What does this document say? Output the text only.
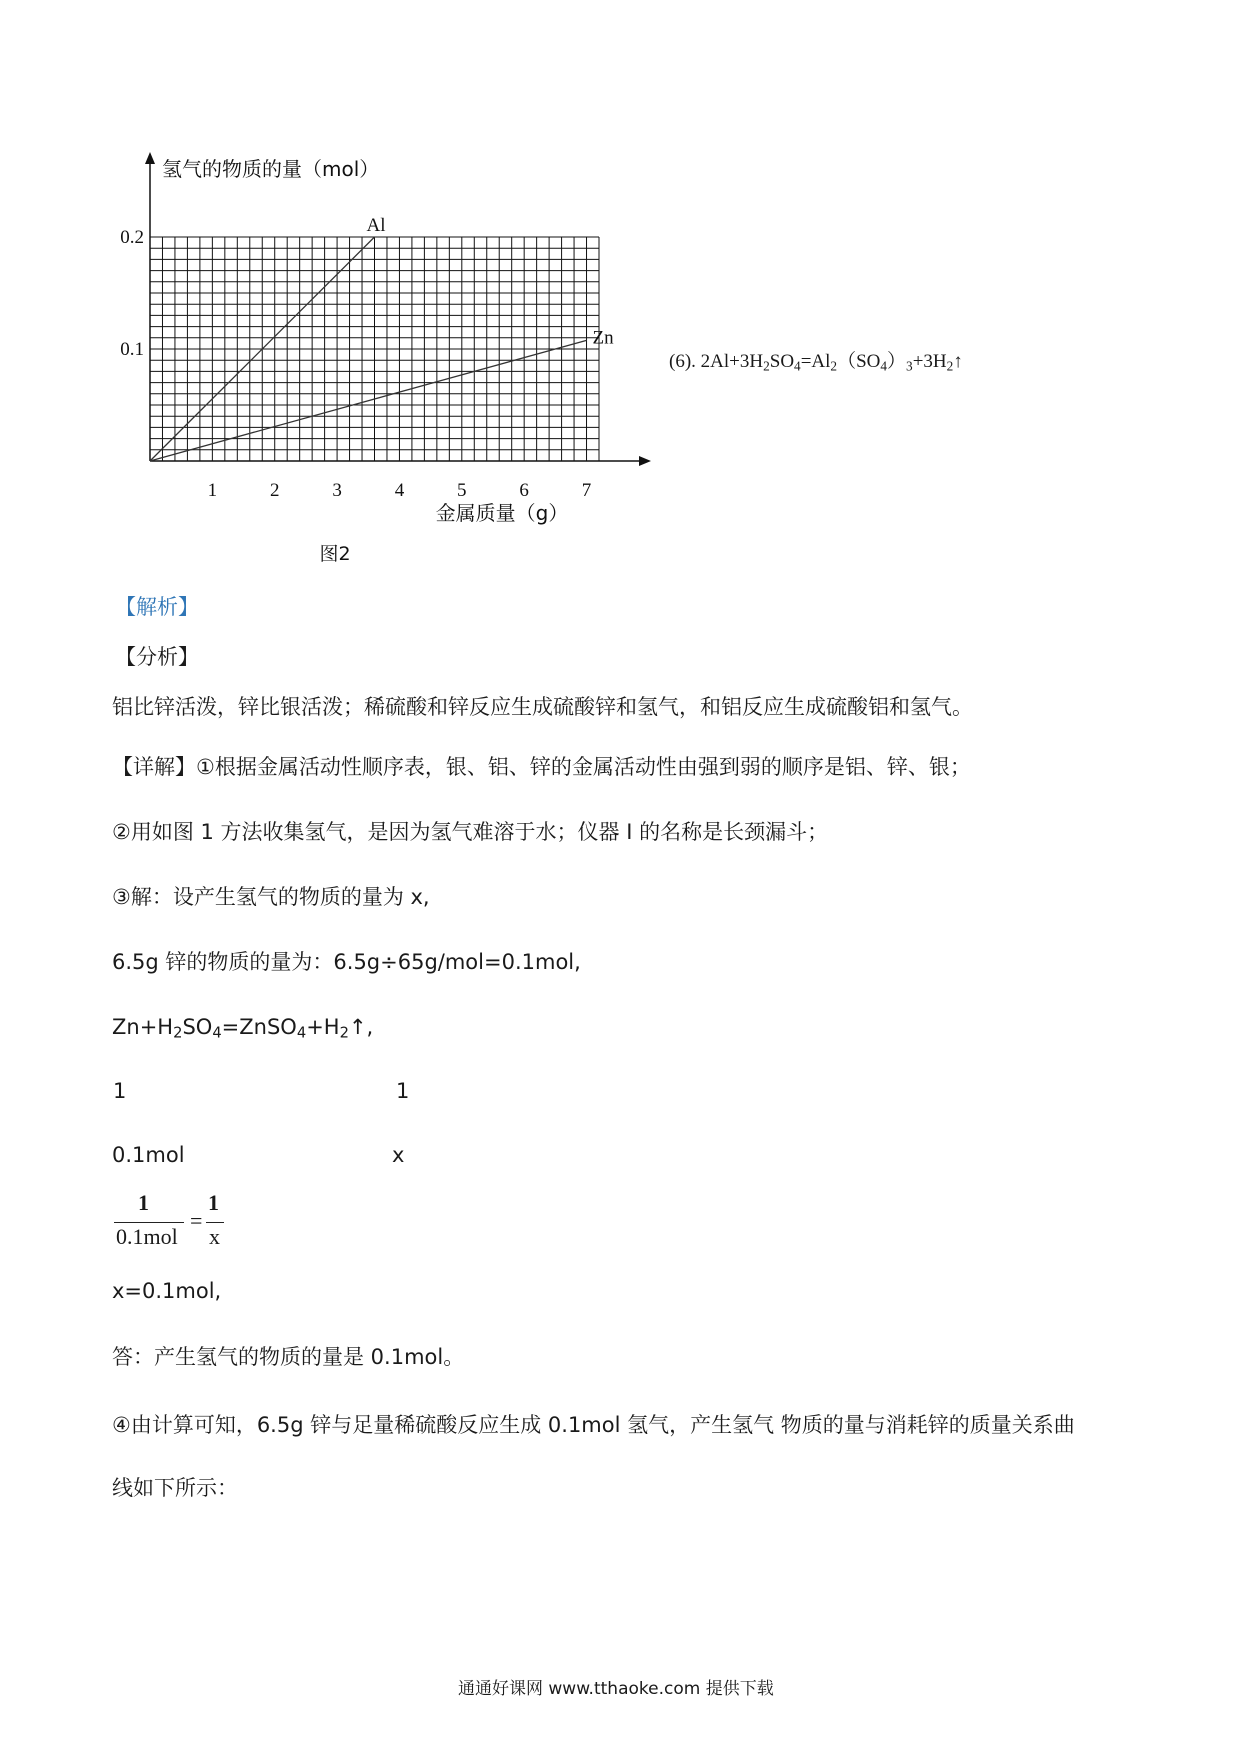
Al
Zn
1	2	3	4	5	6	7
0.2
0.1
氢气的物质的量（mol）
金属质量（g）
图2
(6). $2Al+3H_2SO_4=Al_2(SO_4)_3+3H_2↑$
【解析】
【分析】
铝比锌活泼，锌比银活泼；稀硫酸和锌反应生成硫酸锌和氢气，和铝反应生成硫酸铝和氢气。
【详解】①根据金属活动性顺序表，银、铝、锌的金属活动性由强到弱的顺序是铝、锌、银；
②用如图 1 方法收集氢气，是因为氢气难溶于水；仪器 I 的名称是长颈漏斗；
③解：设产生氢气的物质的量为 x,
6.5g 锌的物质的量为：6.5g÷65g/mol=0.1mol,
$Zn+H_2SO_4=ZnSO_4+H_2↑$,
1	1
0.1mol	x
1
0.1mol
=
1
x
x=0.1mol,
答：产生氢气的物质的量是 0.1mol。
④由计算可知，6.5g 锌与足量稀硫酸反应生成 0.1mol 氢气，产生氢气 物质的量与消耗锌的质量关系曲
线如下所示：
通通好课网 www.tthaoke.com 提供下载
